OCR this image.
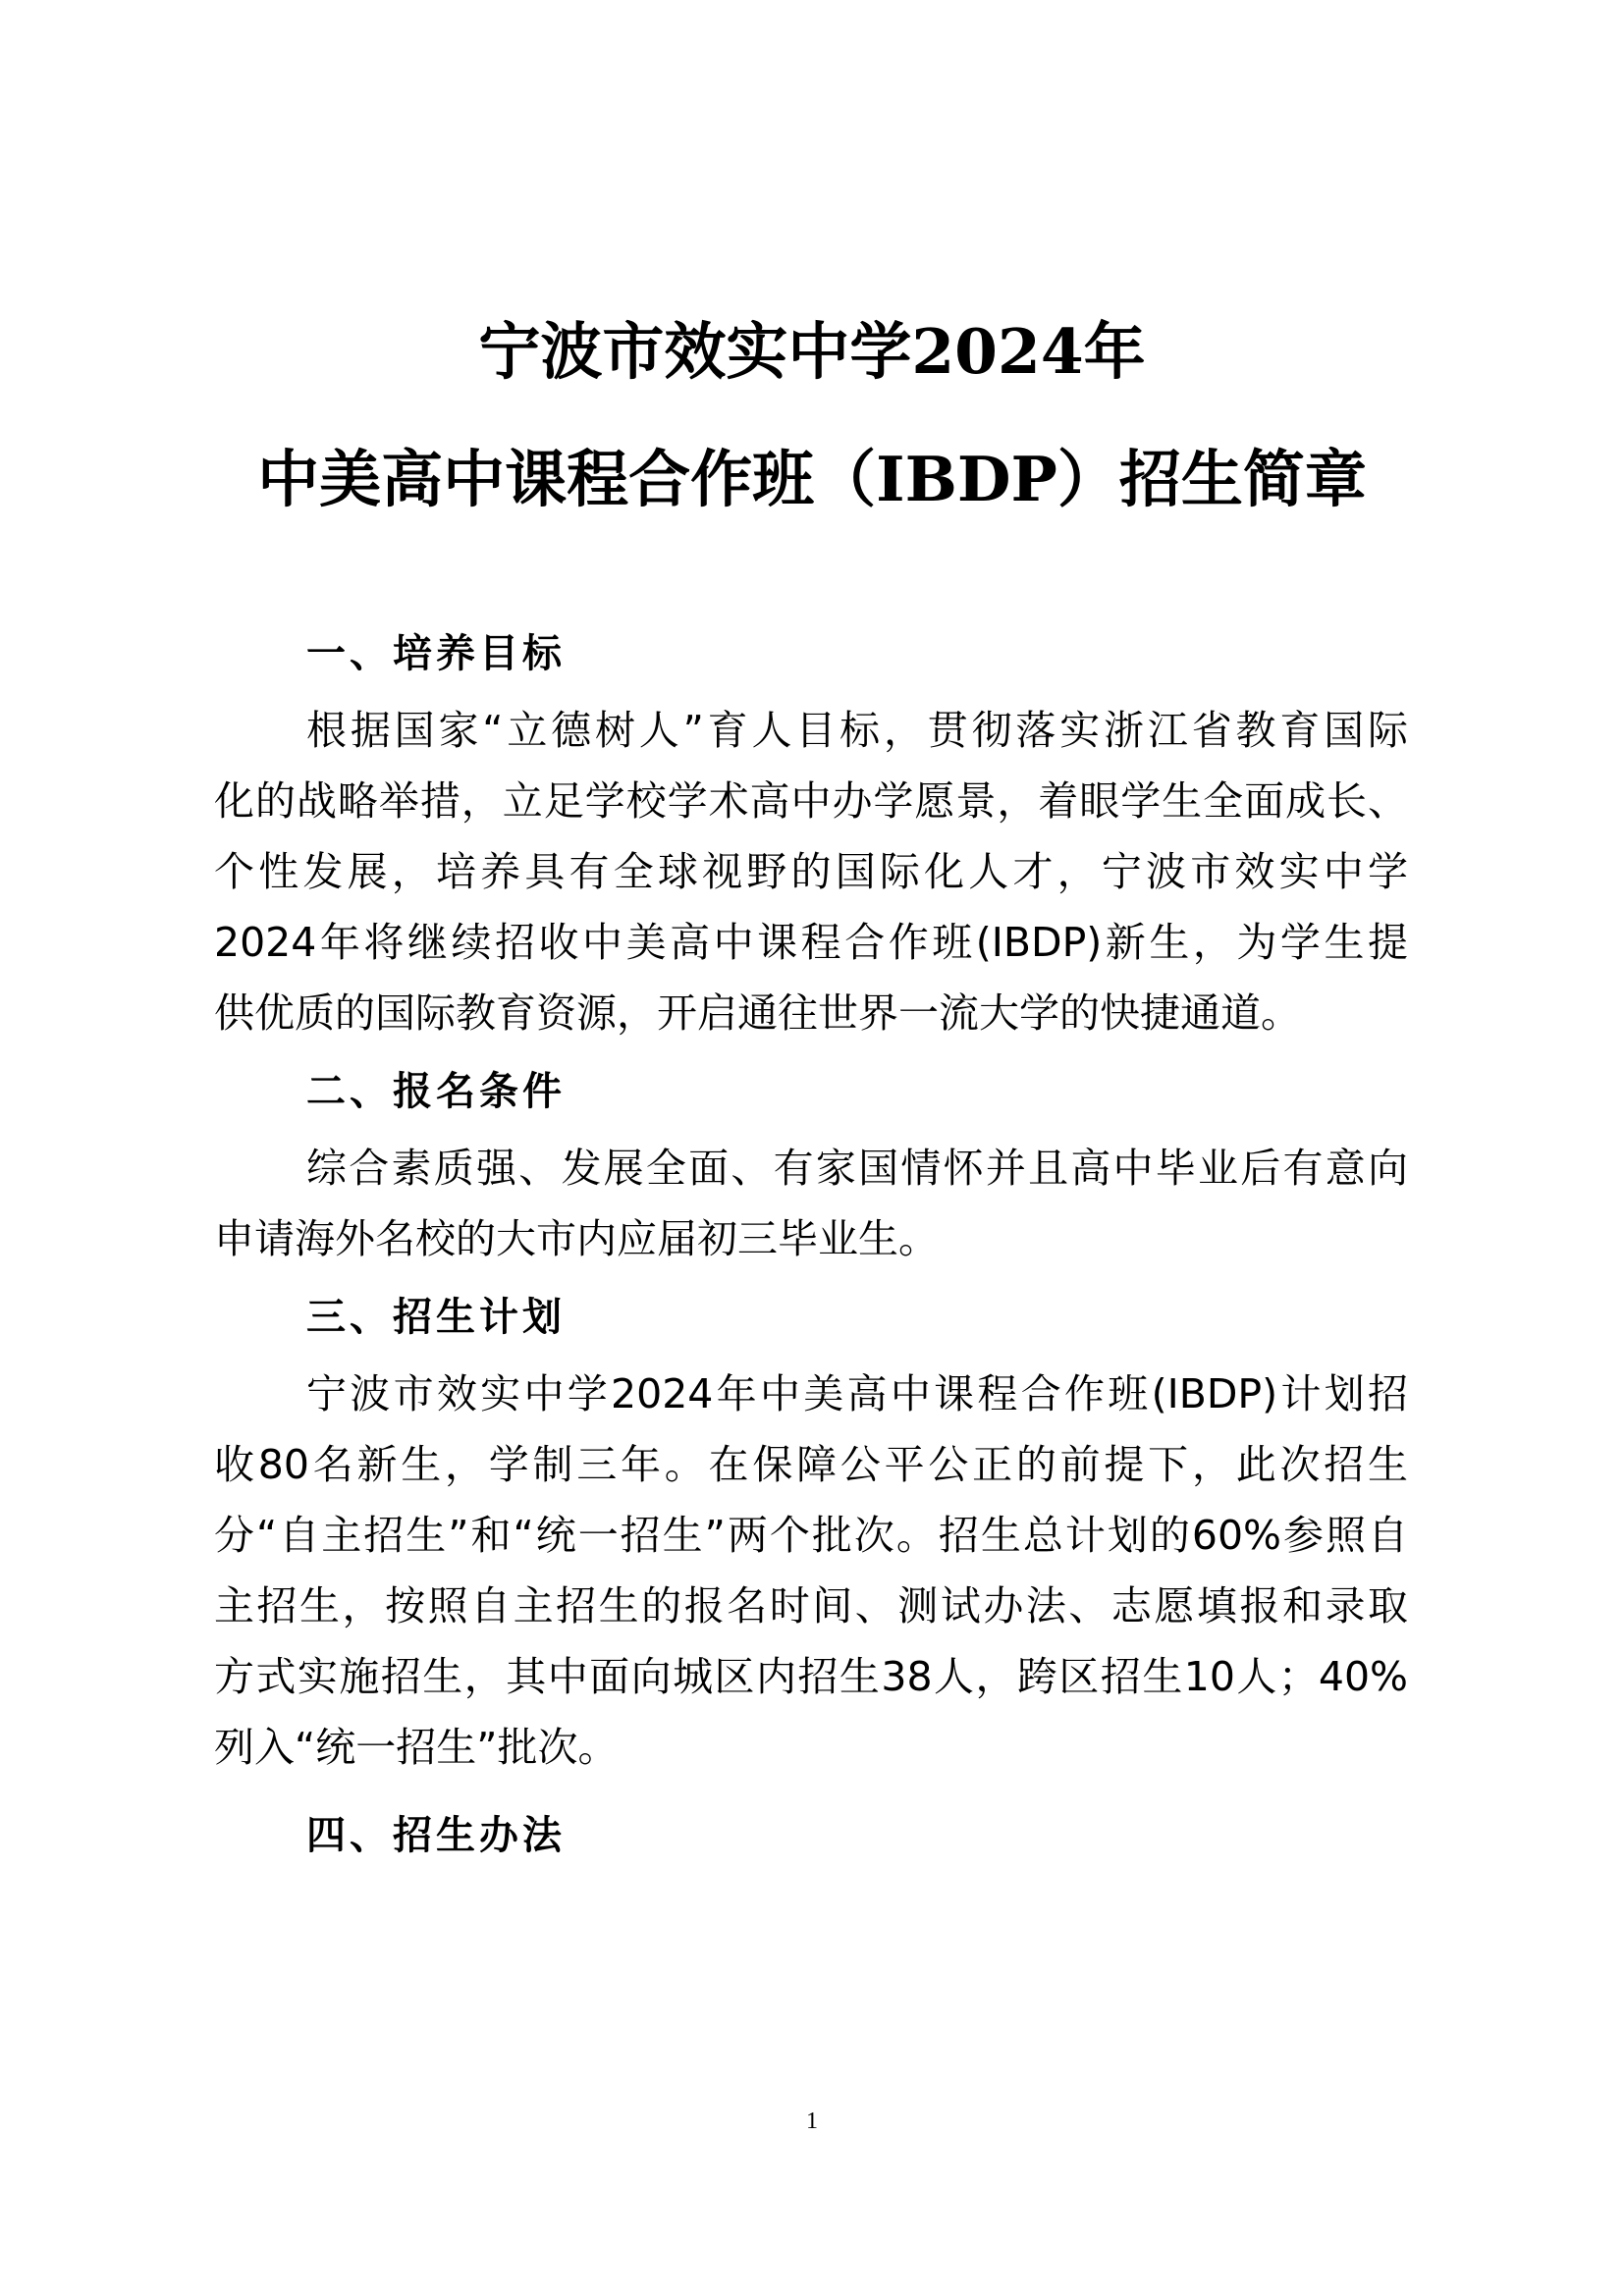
宁波市效实中学2024年
中美高中课程合作班（IBDP）招生简章
一、培养目标
根据国家“立德树人”育人目标，贯彻落实浙江省教育国际
化的战略举措，立足学校学术高中办学愿景，着眼学生全面成长、
个性发展，培养具有全球视野的国际化人才，宁波市效实中学
2024年将继续招收中美高中课程合作班(IBDP)新生，为学生提
供优质的国际教育资源，开启通往世界一流大学的快捷通道。
二、报名条件
综合素质强、发展全面、有家国情怀并且高中毕业后有意向
申请海外名校的大市内应届初三毕业生。
三、招生计划
宁波市效实中学2024年中美高中课程合作班(IBDP)计划招
收80名新生，学制三年。在保障公平公正的前提下，此次招生
分“自主招生”和“统一招生”两个批次。招生总计划的60%参照自
主招生，按照自主招生的报名时间、测试办法、志愿填报和录取
方式实施招生，其中面向城区内招生38人，跨区招生10人；40%
列入“统一招生”批次。
四、招生办法
1
